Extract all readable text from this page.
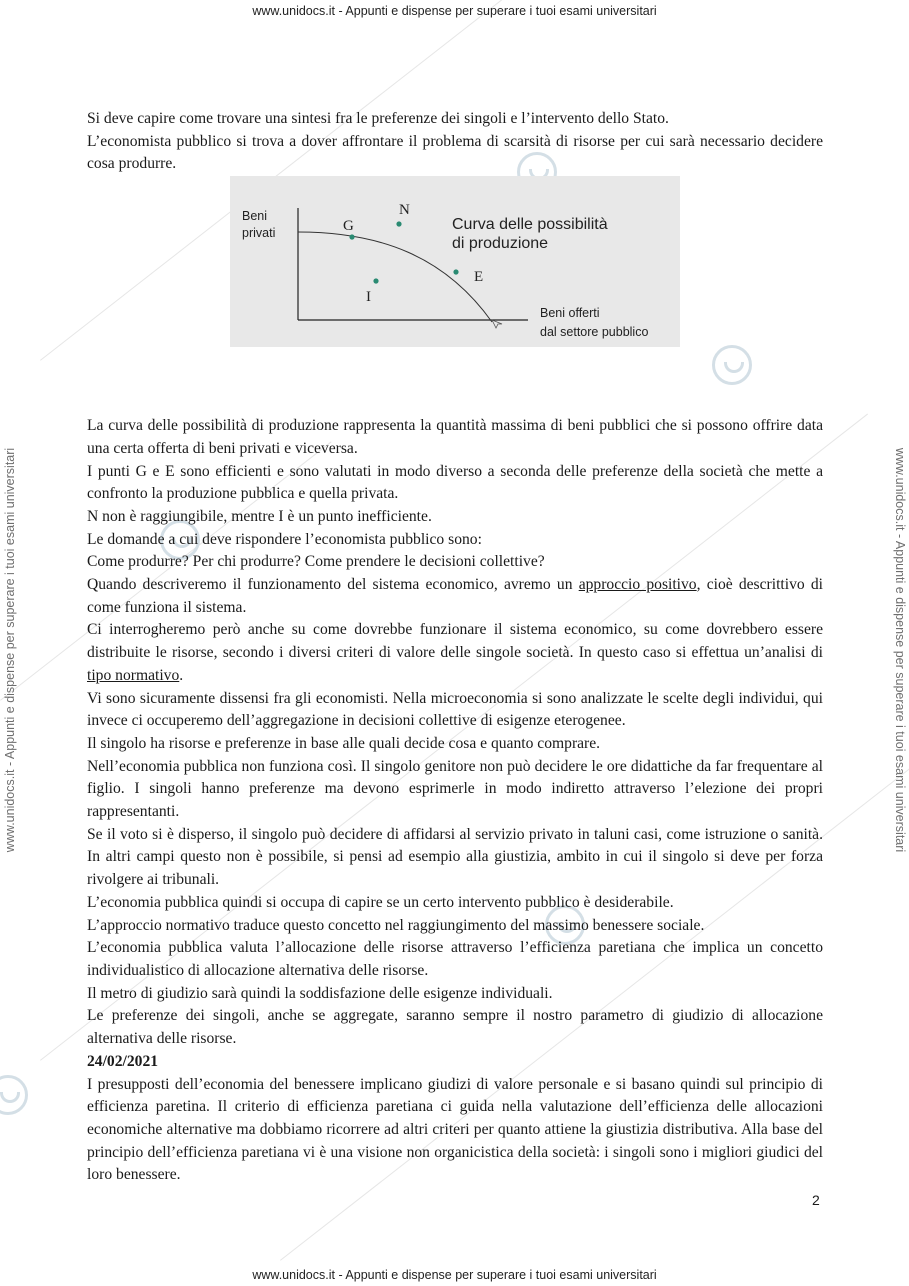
www.unidocs.it - Appunti e dispense per superare i tuoi esami universitari
www.unidocs.it - Appunti e dispense per superare i tuoi esami universitari	www.unidocs.it - Appunti e dispense per superare i tuoi esami universitari

Si deve capire come trovare una sintesi fra le preferenze dei singoli e l’intervento dello Stato.

L’economista pubblico si trova a dover affrontare il problema di scarsità di risorse per cui sarà necessario decidere cosa produrre.

La curva delle possibilità di produzione rappresenta la quantità massima di beni pubblici che si possono offrire data una certa offerta di beni privati e viceversa.

I punti G e E sono efficienti e sono valutati in modo diverso a seconda delle preferenze della società che mette a confronto la produzione pubblica e quella privata.

N non è raggiungibile, mentre I è un punto inefficiente.

Le domande a cui deve rispondere l’economista pubblico sono:

Come produrre? Per chi produrre? Come prendere le decisioni collettive?

Quando descriveremo il funzionamento del sistema economico, avremo un approccio positivo, cioè descrittivo di come funziona il sistema.

Ci interrogheremo però anche su come dovrebbe funzionare il sistema economico, su come dovrebbero essere distribuite le risorse, secondo i diversi criteri di valore delle singole società. In questo caso si effettua un’analisi di tipo normativo.

Vi sono sicuramente dissensi fra gli economisti. Nella microeconomia si sono analizzate le scelte degli individui, qui invece ci occuperemo dell’aggregazione in decisioni collettive di esigenze eterogenee.

Il singolo ha risorse e preferenze in base alle quali decide cosa e quanto comprare.

Nell’economia pubblica non funziona così. Il singolo genitore non può decidere le ore didattiche da far frequentare al figlio. I singoli hanno preferenze ma devono esprimerle in modo indiretto attraverso l’elezione dei propri rappresentanti.

Se il voto si è disperso, il singolo può decidere di affidarsi al servizio privato in taluni casi, come istruzione o sanità. In altri campi questo non è possibile, si pensi ad esempio alla giustizia, ambito in cui il singolo si deve per forza rivolgere ai tribunali.

L’economia pubblica quindi si occupa di capire se un certo intervento pubblico è desiderabile.

L’approccio normativo traduce questo concetto nel raggiungimento del massimo benessere sociale.

L’economia pubblica valuta l’allocazione delle risorse attraverso l’efficienza paretiana che implica un concetto individualistico di allocazione alternativa delle risorse.

Il metro di giudizio sarà quindi la soddisfazione delle esigenze individuali.

Le preferenze dei singoli, anche se aggregate, saranno sempre il nostro parametro di giudizio di allocazione alternativa delle risorse.

24/02/2021

I presupposti dell’economia del benessere implicano giudizi di valore personale e si basano quindi sul principio di efficienza paretina. Il criterio di efficienza paretiana ci guida nella valutazione dell’efficienza delle allocazioni economiche alternative ma dobbiamo ricorrere ad altri criteri per quanto attiene la giustizia distributiva. Alla base del principio dell’efficienza paretiana vi è una visione non organicistica della società: i singoli sono i migliori giudici del loro benessere.

G
N
I
E
Beni
privati	Curva delle possibilità
di produzione
Beni offerti
dal settore pubblico
2
www.unidocs.it - Appunti e dispense per superare i tuoi esami universitari
